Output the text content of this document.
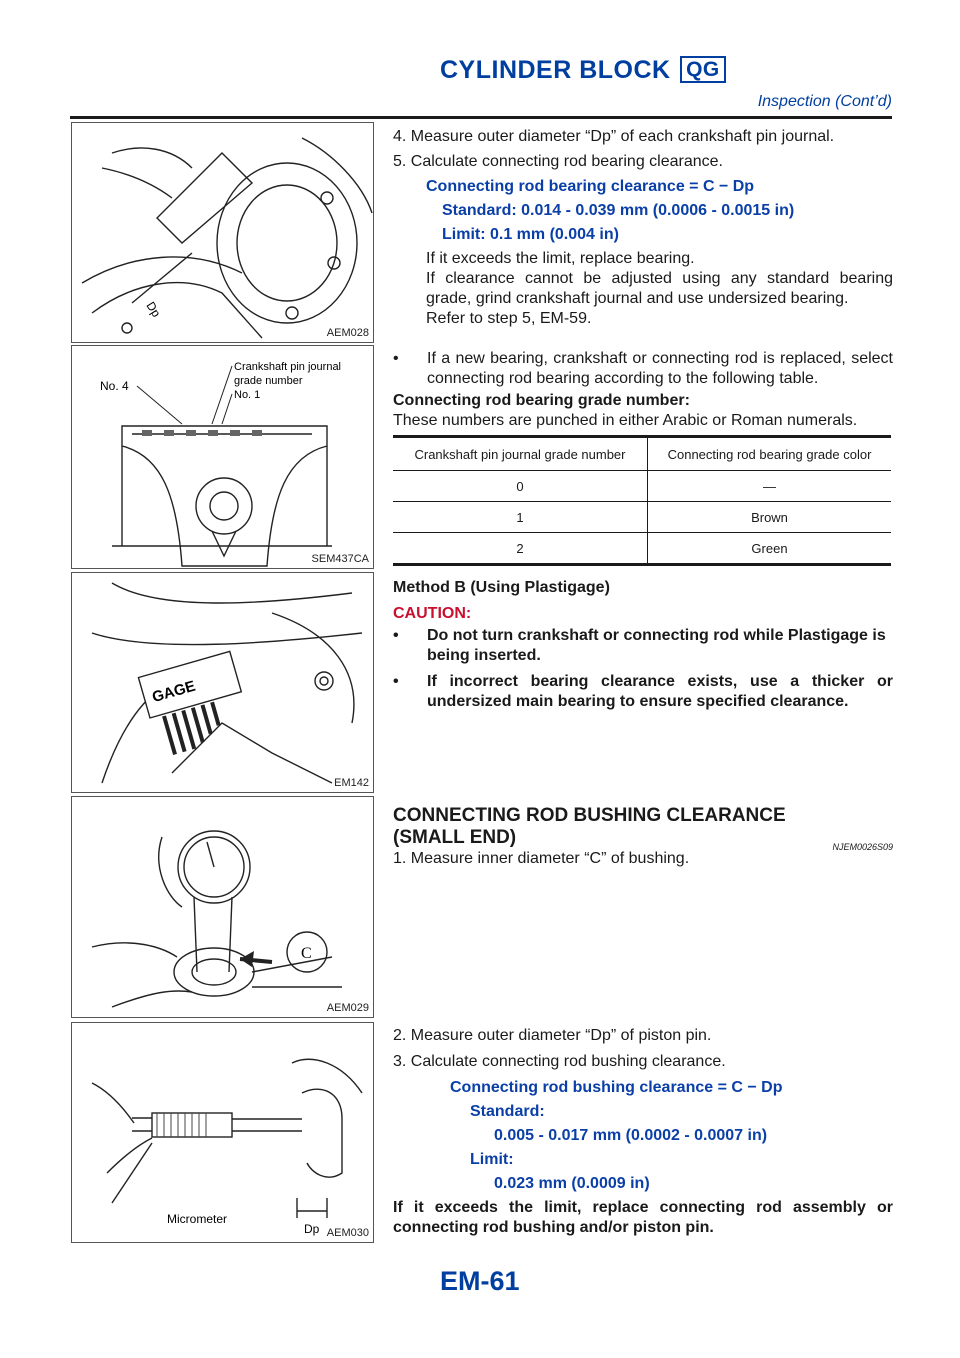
CYLINDER BLOCK QG
Inspection (Cont’d)
Dp
AEM028
No. 4
Crankshaft pin journal
grade number
No. 1
SEM437CA
GAGE
EM142
C
AEM029
Micrometer
Dp AEM030

4. Measure outer diameter “Dp” of each crankshaft pin journal.

5. Calculate connecting rod bearing clearance.

Connecting rod bearing clearance = C − Dp

Standard: 0.014 - 0.039 mm (0.0006 - 0.0015 in)

Limit: 0.1 mm (0.004 in)

If it exceeds the limit, replace bearing.

If clearance cannot be adjusted using any standard bearing grade, grind crankshaft journal and use undersized bearing.

Refer to step 5, EM-59.

• If a new bearing, crankshaft or connecting rod is replaced, select connecting rod bearing according to the following table.

Connecting rod bearing grade number:

These numbers are punched in either Arabic or Roman numerals.

Crankshaft pin journal grade number	Connecting rod bearing grade color
0	—
1	Brown
2	Green

Method B (Using Plastigage)

CAUTION:

• Do not turn crankshaft or connecting rod while Plastigage is being inserted.

• If incorrect bearing clearance exists, use a thicker or undersized main bearing to ensure specified clearance.

CONNECTING ROD BUSHING CLEARANCE (SMALL END)

1. Measure inner diameter “C” of bushing.
NJEM0026S09

2. Measure outer diameter “Dp” of piston pin.

3. Calculate connecting rod bushing clearance.

Connecting rod bushing clearance = C − Dp

Standard:

0.005 - 0.017 mm (0.0002 - 0.0007 in)

Limit:

0.023 mm (0.0009 in)

If it exceeds the limit, replace connecting rod assembly or connecting rod bushing and/or piston pin.

EM-61
